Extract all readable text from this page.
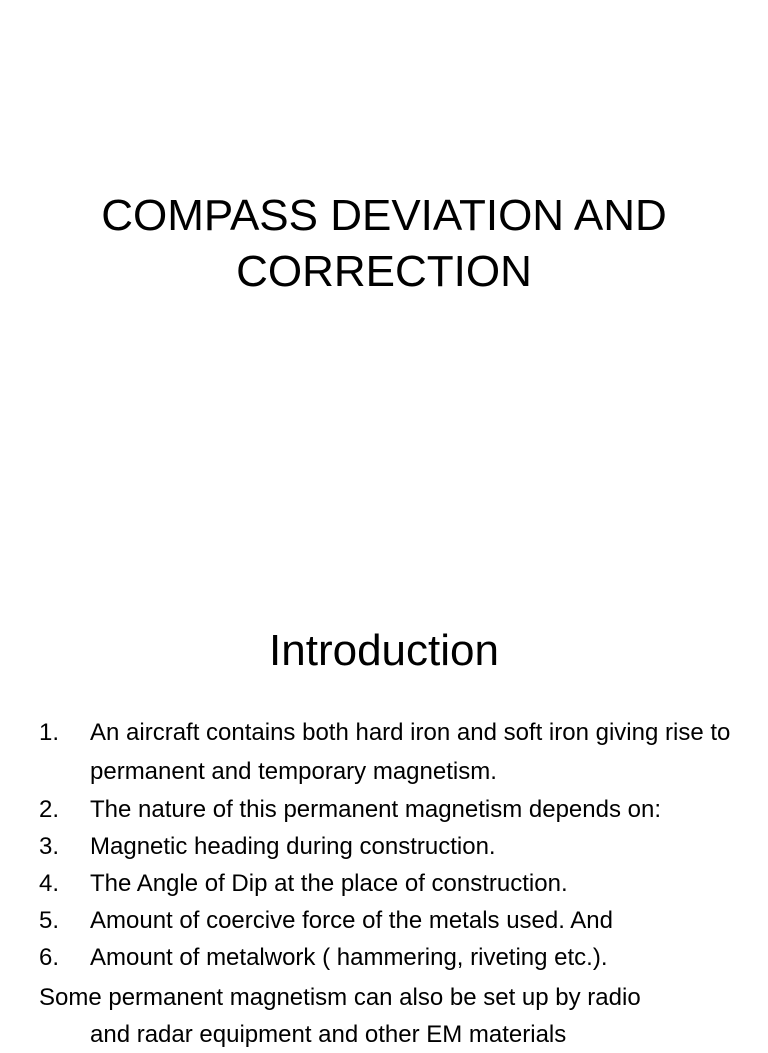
COMPASS DEVIATION AND
CORRECTION
Introduction
1. An aircraft contains both hard iron and soft iron giving rise to permanent and temporary magnetism.
2. The nature of this permanent magnetism depends on:
3. Magnetic heading during construction.
4. The Angle of Dip at the place of construction.
5. Amount of coercive force of the metals used. And
6. Amount of metalwork ( hammering, riveting etc.).

Some permanent magnetism can also be set up by radio
and radar equipment and other EM materials
